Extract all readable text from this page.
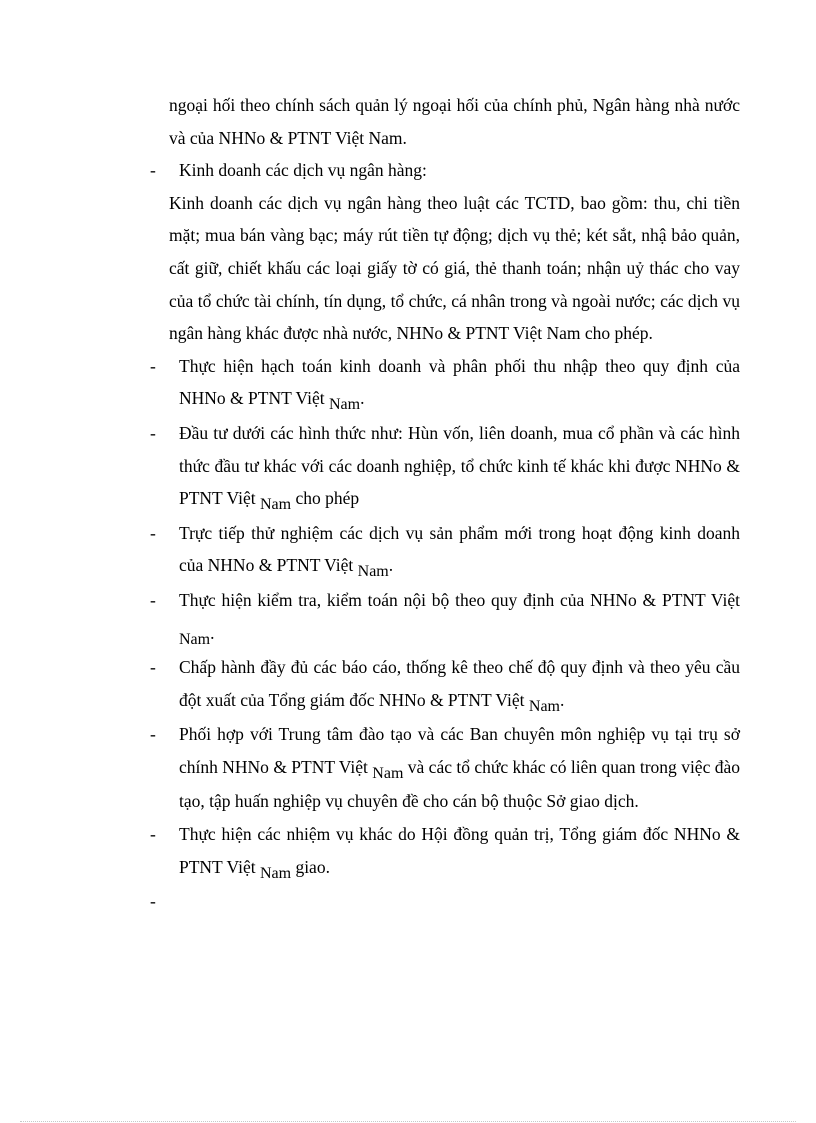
ngoại hối theo chính sách quản lý ngoại hối của chính phủ, Ngân hàng nhà nước và của NHNo & PTNT Việt Nam.
- Kinh doanh các dịch vụ ngân hàng:
Kinh doanh các dịch vụ ngân hàng theo luật các TCTD, bao gồm: thu, chi tiền mặt; mua bán vàng bạc; máy rút tiền tự động; dịch vụ thẻ; két sắt, nhậ bảo quản, cất giữ, chiết khấu các loại giấy tờ có giá, thẻ thanh toán; nhận uỷ thác cho vay của tổ chức tài chính, tín dụng, tổ chức, cá nhân trong và ngoài nước; các dịch vụ ngân hàng khác được nhà nước, NHNo & PTNT Việt Nam cho phép.
- Thực hiện hạch toán kinh doanh và phân phối thu nhập theo quy định của NHNo & PTNT Việt Nam.
- Đầu tư dưới các hình thức như: Hùn vốn, liên doanh, mua cổ phần và các hình thức đầu tư khác với các doanh nghiệp, tổ chức kinh tế khác khi được NHNo & PTNT Việt Nam cho phép
- Trực tiếp thử nghiệm các dịch vụ sản phẩm mới trong hoạt động kinh doanh của NHNo & PTNT Việt Nam.
- Thực hiện kiểm tra, kiểm toán nội bộ theo quy định của NHNo & PTNT Việt Nam.
- Chấp hành đầy đủ các báo cáo, thống kê theo chế độ quy định và theo yêu cầu đột xuất của Tổng giám đốc NHNo & PTNT Việt Nam.
- Phối hợp với Trung tâm đào tạo và các Ban chuyên môn nghiệp vụ tại trụ sở chính NHNo & PTNT Việt Nam và các tổ chức khác có liên quan trong việc đào tạo, tập huấn nghiệp vụ chuyên đề cho cán bộ thuộc Sở giao dịch.
- Thực hiện các nhiệm vụ khác do Hội đồng quản trị, Tổng giám đốc NHNo & PTNT Việt Nam giao.
-
